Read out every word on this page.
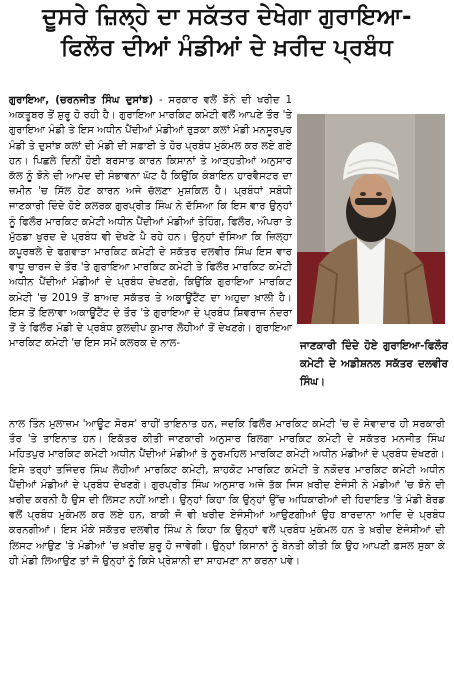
ਦੂਸਰੇ ਜ਼ਿਲ੍ਹੇ ਦਾ ਸਕੱਤਰ ਦੇਖੇਗਾ ਗੁਰਾਇਆ-
ਫਿਲੌਰ ਦੀਆਂ ਮੰਡੀਆਂ ਦੇ ਖ਼ਰੀਦ ਪ੍ਰਬੰਧ

ਗੁਰਾਇਆ, (ਚਰਨਜੀਤ ਸਿੰਘ ਦੁਸਾਂਝ) - ਸਰਕਾਰ ਵਲੋਂ ਝੋਨੇ ਦੀ ਖਰੀਦ 1 ਅਕਤੂਬਰ ਤੋਂ ਸ਼ੁਰੂ ਹੋ ਰਹੀ ਹੈ। ਗੁਰਾਇਆ ਮਾਰਕਿਟ ਕਮੇਟੀ ਵਲੋਂ ਆਪਣੇ ਤੌਰ 'ਤੇ ਗੁਰਾਇਆ ਮੰਡੀ ਤੇ ਇਸ ਅਧੀਨ ਪੈਂਦੀਆਂ ਮੰਡੀਆਂ ਰੁੜਕਾ ਕਲਾਂ ਮੰਡੀ ਮਨਸੂਰਪੁਰ ਮੰਡੀ ਤੇ ਦੁਸਾਂਝ ਕਲਾਂ ਦੀ ਮੰਡੀ ਦੀ ਸਫ਼ਾਈ ਤੇ ਹੋਰ ਪ੍ਰਬੰਧ ਮੁਕੰਮਲ ਕਰ ਲਏ ਗਏ ਹਨ। ਪਿਛਲੇ ਦਿਨੀਂ ਹੋਈ ਬਰਸਾਤ ਕਾਰਨ ਕਿਸਾਨਾਂ ਤੇ ਆੜ੍ਹਤੀਆਂ ਅਨੁਸਾਰ ਕੱਲ ਨੂੰ ਝੋਨੇ ਦੀ ਆਮਦ ਦੀ ਸੰਭਾਵਨਾ ਘੱਟ ਹੈ ਕਿਉਂਕਿ ਕੰਬਾਇਨ ਹਾਰਵੈਸਟਰ ਦਾ ਜ਼ਮੀਨ 'ਚ ਸਿੱਲ ਹੋਣ ਕਾਰਨ ਅਜੇ ਚੱਲਣਾ ਮੁਸ਼ਕਿਲ ਹੈ। ਪ੍ਰਬੰਧਾਂ ਸਬੰਧੀ ਜਾਣਕਾਰੀ ਦਿੰਦੇ ਹੋਏ ਕਲਰਕ ਗੁਰਪ੍ਰੀਤ ਸਿੰਘ ਨੇ ਦੱਸਿਆ ਕਿ ਇਸ ਵਾਰ ਉਨ੍ਹਾਂ ਨੂੰ ਫਿਲੌਰ ਮਾਰਕਿਟ ਕਮੇਟੀ ਅਧੀਨ ਪੈਂਦੀਆਂ ਮੰਡੀਆਂ ਤੇਹਿੰਗ, ਫਿਲੌਰ, ਔਪਰਾ ਤੇ ਮੁੱਠਡਾ ਖੁਰਦ ਦੇ ਪ੍ਰਬੰਧ ਵੀ ਦੇਖਣੇ ਪੈ ਰਹੇ ਹਨ। ਉਨ੍ਹਾਂ ਦੱਸਿਆ ਕਿ ਜ਼ਿਲ੍ਹਾ ਕਪੂਰਥਲੇ ਦੇ ਫਗਵਾੜਾ ਮਾਰਕਿਟ ਕਮੇਟੀ ਦੇ ਸਕੱਤਰ ਦਲਵੀਰ ਸਿੰਘ ਇਸ ਵਾਰ ਵਾਧੂ ਚਾਰਜ ਦੇ ਤੌਰ 'ਤੇ ਗੁਰਾਇਆ ਮਾਰਕਿਟ ਕਮੇਟੀ ਤੇ ਫਿਲੌਰ ਮਾਰਕਿਟ ਕਮੇਟੀ ਅਧੀਨ ਪੈਂਦੀਆਂ ਮੰਡੀਆਂ ਦੇ ਪ੍ਰਬੰਧ ਦੇਖਣਗੇ, ਕਿਉਂਕਿ ਗੁਰਾਇਆ ਮਾਰਕਿਟ ਕਮੇਟੀ 'ਚ 2019 ਤੋਂ ਬਾਅਦ ਸਕੱਤਰ ਤੇ ਅਕਾਊਂਟੈਂਟ ਦਾ ਅਹੁਦਾ ਖ਼ਾਲੀ ਹੈ। ਇਸ ਤੋਂ ਇਲਾਵਾ ਅਕਾਊਂਟੈਂਟ ਦੇ ਤੌਰ 'ਤੇ ਗੁਰਾਇਆ ਦੇ ਪ੍ਰਬੰਧ ਸ਼ਿਵਰਾਜ ਨੰਦਰਾ ਤੋਂ ਤੇ ਫਿਲੌਰ ਮੰਡੀ ਦੇ ਪ੍ਰਬੰਧ ਕੁਲਦੀਪ ਕੁਮਾਰ ਲੋਹੀਆਂ ਤੋਂ ਦੇਖਣਗੇ। ਗੁਰਾਇਆ ਮਾਰਕਿਟ ਕਮੇਟੀ 'ਚ ਇਸ ਸਮੇਂ ਕਲਰਕ ਦੇ ਨਾਲ-	ਜਾਣਕਾਰੀ ਦਿੰਦੇ ਹੋਏ ਗੁਰਾਇਆ-ਫਿਲੌਰ ਕਮੇਟੀ ਦੇ ਅਡੀਸ਼ਨਲ ਸਕੱਤਰ ਦਲਵੀਰ ਸਿੰਘ।

ਨਾਲ ਤਿੰਨ ਮੁਲਾਜ਼ਮ 'ਆਊਟ ਸੋਰਸ' ਰਾਹੀਂ ਤਾਇਨਾਤ ਹਨ, ਜਦਕਿ ਫਿਲੌਰ ਮਾਰਕਿਟ ਕਮੇਟੀ 'ਚ ਦੋ ਸੇਵਾਦਾਰ ਹੀ ਸਰਕਾਰੀ ਤੌਰ 'ਤੇ ਤਾਇਨਾਤ ਹਨ। ਇਕੱਤਰ ਕੀਤੀ ਜਾਣਕਾਰੀ ਅਨੁਸਾਰ ਬਿਲਗਾ ਮਾਰਕਿਟ ਕਮੇਟੀ ਦੇ ਸਕੱਤਰ ਮਨਜੀਤ ਸਿੰਘ ਮਹਿਤਪੁਰ ਮਾਰਕਿਟ ਕਮੇਟੀ ਅਧੀਨ ਪੈਂਦੀਆਂ ਮੰਡੀਆਂ ਤੇ ਨੂਰਮਹਿਲ ਮਾਰਕਿਟ ਕਮੇਟੀ ਅਧੀਨ ਮੰਡੀਆਂ ਦੇ ਪ੍ਰਬੰਧ ਦੇਖਣਗੇ। ਇਸੇ ਤਰ੍ਹਾਂ ਤਜਿੰਦਰ ਸਿੰਘ ਲੋਹੀਆਂ ਮਾਰਕਿਟ ਕਮੇਟੀ, ਸ਼ਾਹਕੋਟ ਮਾਰਕਿਟ ਕਮੇਟੀ ਤੇ ਨਕੋਦਰ ਮਾਰਕਿਟ ਕਮੇਟੀ ਅਧੀਨ ਪੈਂਦੀਆਂ ਮੰਡੀਆਂ ਦੇ ਪ੍ਰਬੰਧ ਦੇਖਣਗੇ। ਗੁਰਪ੍ਰੀਤ ਸਿੰਘ ਅਨੁਸਾਰ ਅਜੇ ਤੱਕ ਜਿਸ ਖ਼ਰੀਦ ਏਜੰਸੀ ਨੇ ਮੰਡੀਆਂ 'ਚ ਝੋਨੇ ਦੀ ਖ਼ਰੀਦ ਕਰਨੀ ਹੈ ਉਸ ਦੀ ਲਿਸਟ ਨਹੀਂ ਆਈ। ਉਨ੍ਹਾਂ ਕਿਹਾ ਕਿ ਉਨ੍ਹਾਂ ਉੱਚ ਅਧਿਕਾਰੀਆਂ ਦੀ ਹਿਦਾਇਤ 'ਤੇ ਮੰਡੀ ਬੋਰਡ ਵਲੋਂ ਪ੍ਰਬੰਧ ਮੁਕੰਮਲ ਕਰ ਲਏ ਹਨ, ਬਾਕੀ ਜੋ ਵੀ ਖਰੀਦ ਏਜੰਸੀਆਂ ਆਉਣਗੀਆਂ ਉਹ ਬਾਰਦਾਨਾ ਆਦਿ ਦੇ ਪ੍ਰਬੰਧ ਕਰਨਗੀਆਂ। ਇਸ ਮੌਕੇ ਸਕੱਤਰ ਦਲਵੀਰ ਸਿੰਘ ਨੇ ਕਿਹਾ ਕਿ ਉਨ੍ਹਾਂ ਵਲੋਂ ਪ੍ਰਬੰਧ ਮੁਕੰਮਲ ਹਨ ਤੇ ਖ਼ਰੀਦ ਏਜੰਸੀਆਂ ਦੀ ਲਿਸਟ ਆਉਣ 'ਤੇ ਮੰਡੀਆਂ 'ਚ ਖ਼ਰੀਦ ਸ਼ੁਰੂ ਹੋ ਜਾਵੇਗੀ। ਉਨ੍ਹਾਂ ਕਿਸਾਨਾਂ ਨੂੰ ਬੇਨਤੀ ਕੀਤੀ ਕਿ ਉਹ ਆਪਣੀ ਫ਼ਸਲ ਸੁਕਾ ਕੇ ਹੀ ਮੰਡੀ ਲਿਆਉਣ ਤਾਂ ਜੋ ਉਨ੍ਹਾਂ ਨੂੰ ਕਿਸੇ ਪ੍ਰੇਸ਼ਾਨੀ ਦਾ ਸਾਹਮਣਾ ਨਾ ਕਰਨਾ ਪਵੇ।
